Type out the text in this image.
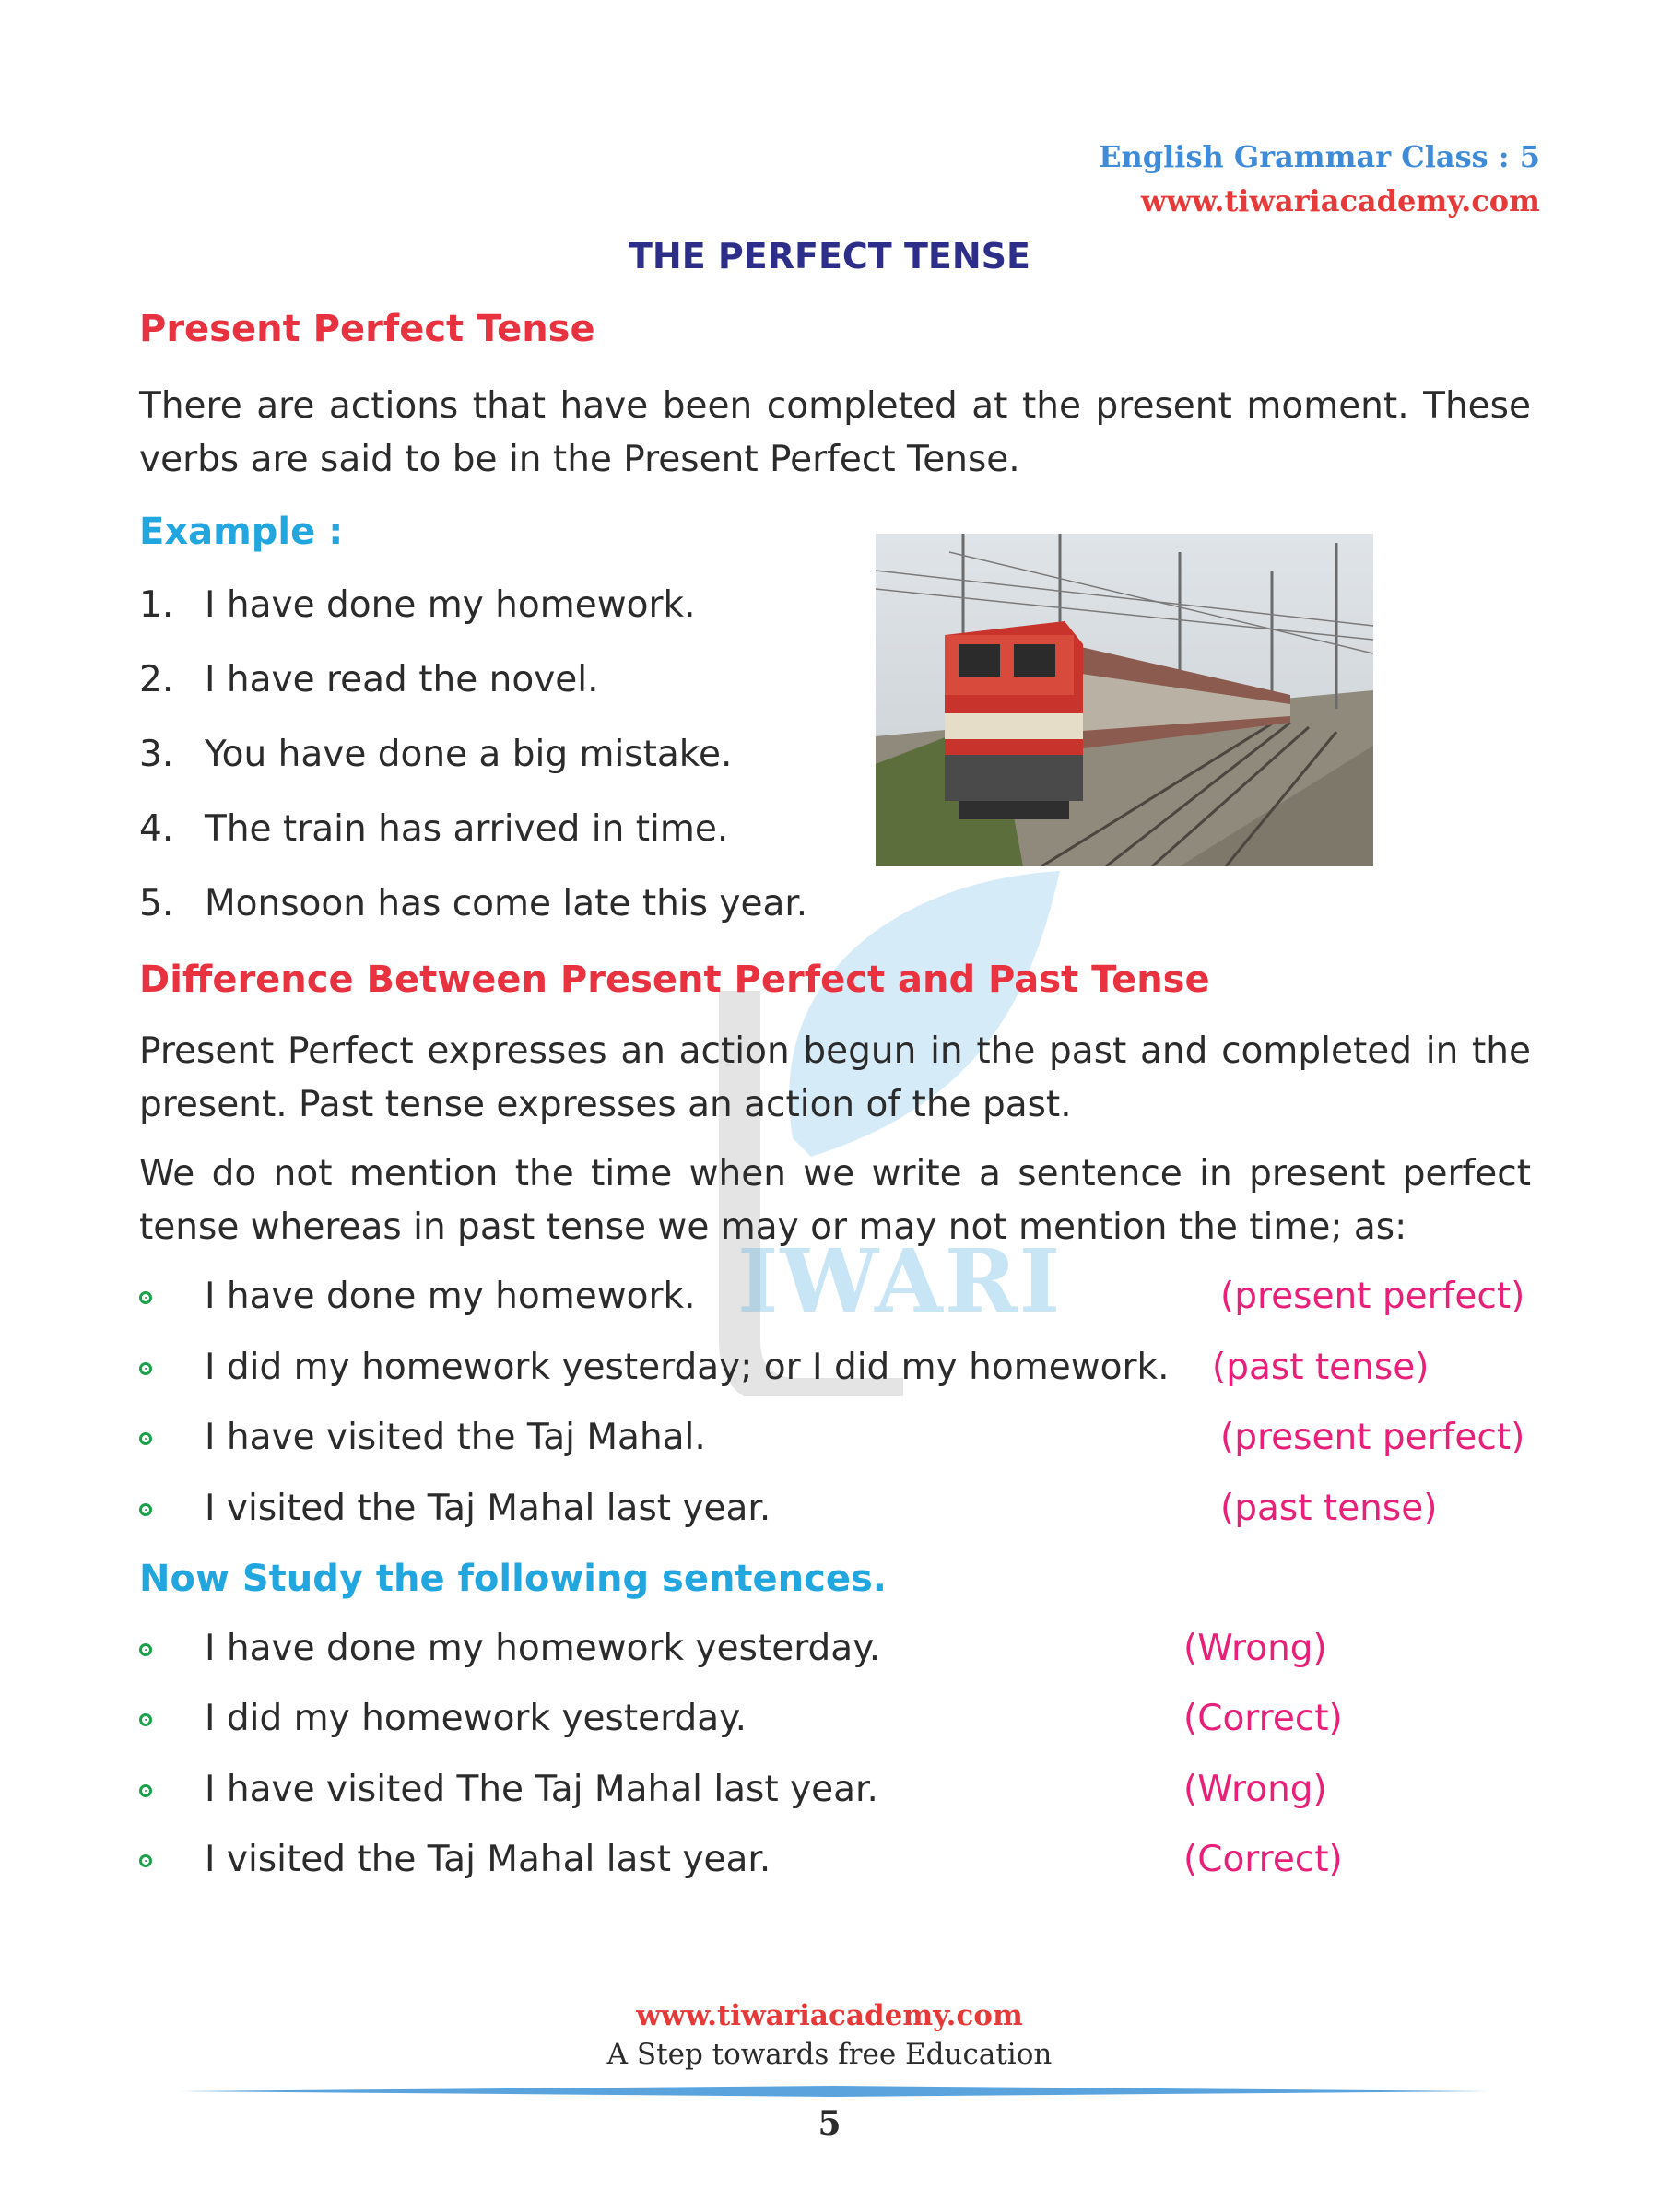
IWARI
English Grammar Class : 5
www.tiwariacademy.com
THE PERFECT TENSE
Present Perfect Tense
There are actions that have been completed at the present moment. These verbs are said to be in the Present Perfect Tense.
Example :
1. I have done my homework.
2. I have read the novel.
3. You have done a big mistake.
4. The train has arrived in time.
5. Monsoon has come late this year.
Difference Between Present Perfect and Past Tense
Present Perfect expresses an action begun in the past and completed in the present. Past tense expresses an action of the past.
We do not mention the time when we write a sentence in present perfect tense whereas in past tense we may or may not mention the time; as:
I have done my homework.	(present perfect)
I did my homework yesterday; or I did my homework. (past tense)
I have visited the Taj Mahal.	(present perfect)
I visited the Taj Mahal last year.	(past tense)
Now Study the following sentences.
I have done my homework yesterday.	(Wrong)
I did my homework yesterday.	(Correct)
I have visited The Taj Mahal last year.	(Wrong)
I visited the Taj Mahal last year.	(Correct)
www.tiwariacademy.com
A Step towards free Education
5
